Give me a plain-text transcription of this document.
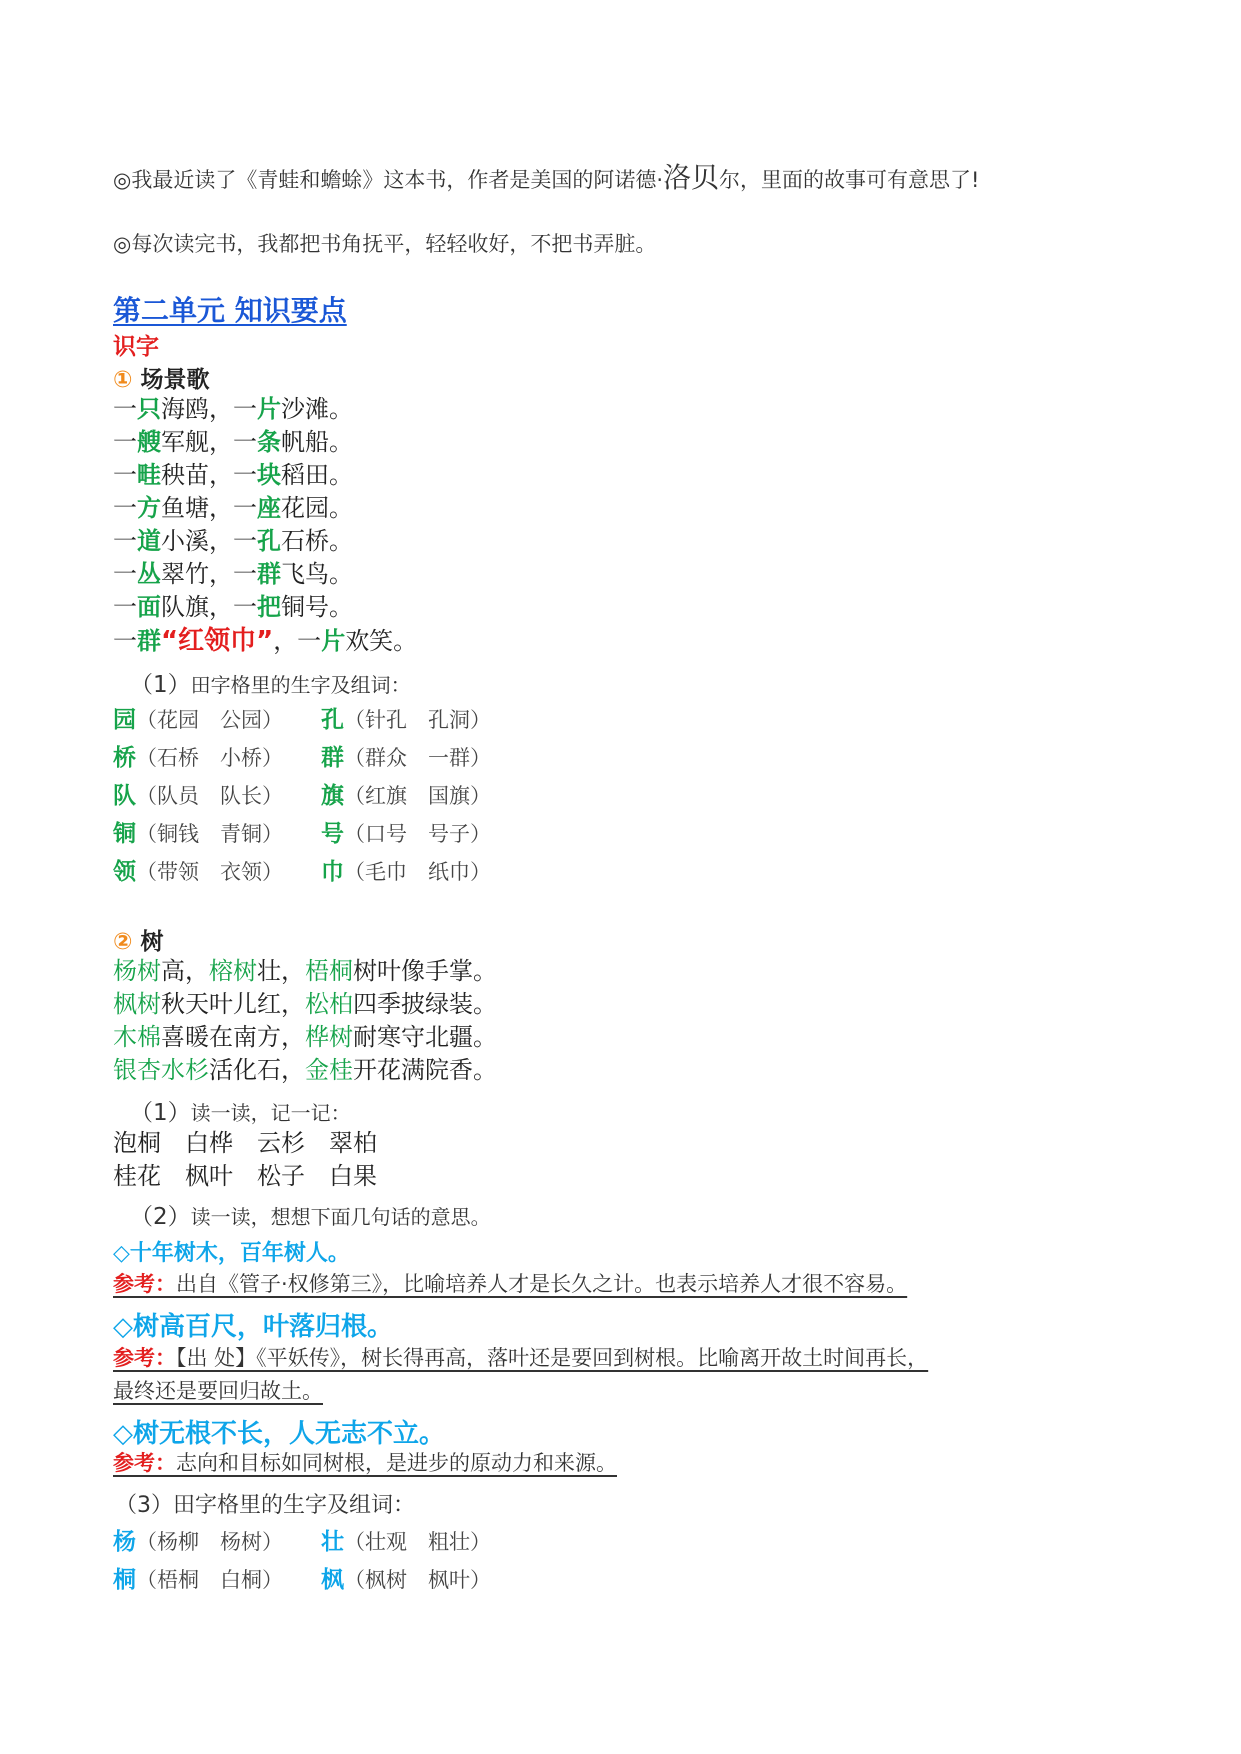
◎我最近读了《青蛙和蟾蜍》这本书，作者是美国的阿诺德·洛贝尔，里面的故事可有意思了!
◎每次读完书，我都把书角抚平，轻轻收好，不把书弄脏。
第二单元 知识要点
识字
① 场景歌
一只海鸥，一片沙滩。
一艘军舰，一条帆船。
一畦秧苗，一块稻田。
一方鱼塘，一座花园。
一道小溪，一孔石桥。
一丛翠竹，一群飞鸟。
一面队旗，一把铜号。
一群“红领巾”，一片欢笑。
（1）田字格里的生字及组词：
园（花园　公园） 孔（针孔　孔洞）
桥（石桥　小桥） 群（群众　一群）
队（队员　队长） 旗（红旗　国旗）
铜（铜钱　青铜） 号（口号　号子）
领（带领　衣领） 巾（毛巾　纸巾）
② 树
杨树高，榕树壮，梧桐树叶像手掌。
枫树秋天叶儿红，松柏四季披绿装。
木棉喜暖在南方，桦树耐寒守北疆。
银杏水杉活化石，金桂开花满院香。
（1）读一读，记一记：
泡桐　白桦　云杉　翠柏
桂花　枫叶　松子　白果
（2）读一读，想想下面几句话的意思。
◇十年树木，百年树人。
参考：出自《管子·权修第三》，比喻培养人才是长久之计。也表示培养人才很不容易。
◇树高百尺，叶落归根。
参考：【出 处】《平妖传》，树长得再高，落叶还是要回到树根。比喻离开故土时间再长，
最终还是要回归故土。
◇树无根不长，人无志不立。
参考：志向和目标如同树根，是进步的原动力和来源。
（3）田字格里的生字及组词：
杨（杨柳　杨树） 壮（壮观　粗壮）
桐（梧桐　白桐） 枫（枫树　枫叶）
